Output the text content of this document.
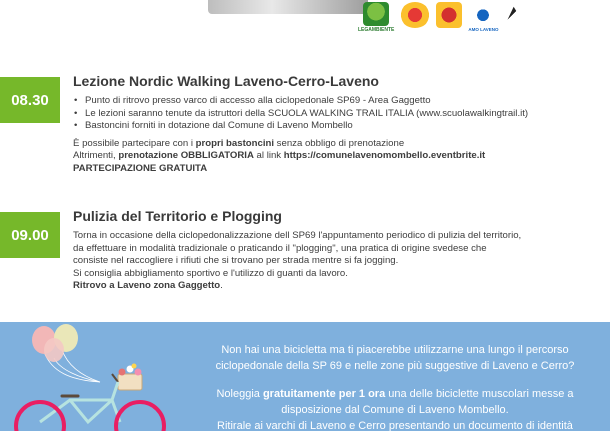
LEGAMBIENTE	AMO LAVENO
08.30
Lezione Nordic Walking Laveno-Cerro-Laveno
• Punto di ritrovo presso varco di accesso alla ciclopedonale SP69 - Area Gaggetto
• Le lezioni saranno tenute da istruttori della SCUOLA WALKING TRAIL ITALIA (www.scuolawalkingtrail.it)
• Bastoncini forniti in dotazione dal Comune di Laveno Mombello

È possibile partecipare con i propri bastoncini senza obbligo di prenotazione

Altrimenti, prenotazione OBBLIGATORIA al link https://comunelavenomombello.eventbrite.it

PARTECIPAZIONE GRATUITA

09.00
Pulizia del Territorio e Plogging

Torna in occasione della ciclopedonalizzazione dell SP69 l'appuntamento periodico di pulizia del territorio,

da effettuare in modalità tradizionale o praticando il "plogging", una pratica di origine svedese che

consiste nel raccogliere i rifiuti che si trovano per strada mentre si fa jogging.

Si consiglia abbigliamento sportivo e l'utilizzo di guanti da lavoro.

Ritrovo a Laveno zona Gaggetto.

Non hai una bicicletta ma ti piacerebbe utilizzarne una lungo il percorso
ciclopedonale della SP 69 e nelle zone più suggestive di Laveno e Cerro?
Noleggia gratuitamente per 1 ora una delle biciclette muscolari messe a
disposizione dal Comune di Laveno Mombello.
Ritirale ai varchi di Laveno e Cerro presentando un documento di identità
